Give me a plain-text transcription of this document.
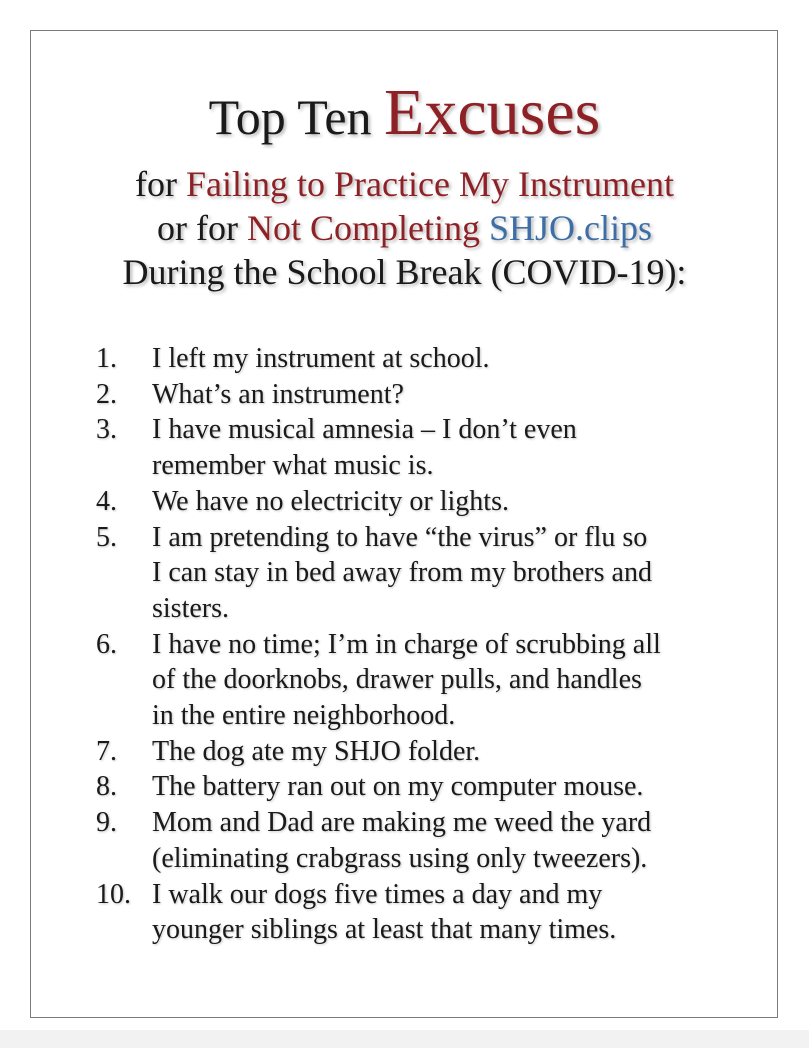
Top Ten Excuses
for Failing to Practice My Instrument
or for Not Completing SHJO.clips
During the School Break (COVID-19):
1. I left my instrument at school.
2. What’s an instrument?
3. I have musical amnesia – I don’t even
remember what music is.
4. We have no electricity or lights.
5. I am pretending to have “the virus” or flu so
I can stay in bed away from my brothers and
sisters.
6. I have no time; I’m in charge of scrubbing all
of the doorknobs, drawer pulls, and handles
in the entire neighborhood.
7. The dog ate my SHJO folder.
8. The battery ran out on my computer mouse.
9. Mom and Dad are making me weed the yard
(eliminating crabgrass using only tweezers).
10. I walk our dogs five times a day and my
younger siblings at least that many times.
